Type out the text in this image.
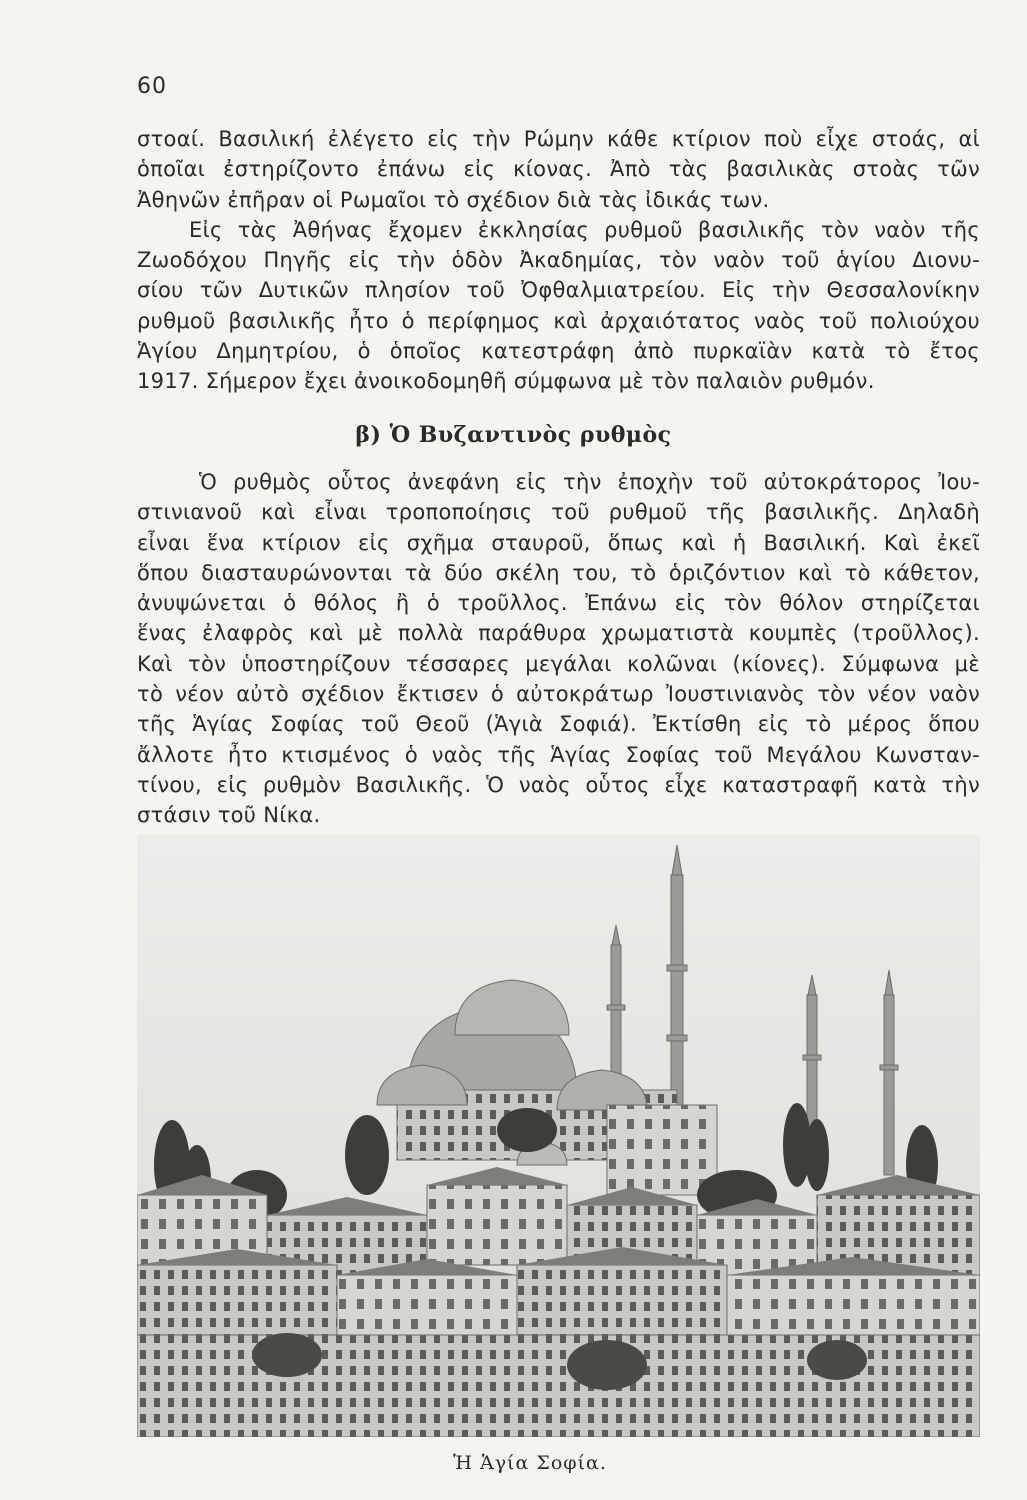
60
στοαί. Βασιλική ἐλέγετο εἰς τὴν Ρώμην κάθε κτίριον ποὺ εἶχε στοάς, αἱ
ὁποῖαι ἐστηρίζοντο ἐπάνω εἰς κίονας. Ἀπὸ τὰς βασιλικὰς στοὰς τῶν
Ἀθηνῶν ἐπῆραν οἱ Ρωμαῖοι τὸ σχέδιον διὰ τὰς ἰδικάς των.
Εἰς τὰς Ἀθήνας ἔχομεν ἐκκλησίας ρυθμοῦ βασιλικῆς τὸν ναὸν τῆς
Ζωοδόχου Πηγῆς εἰς τὴν ὁδὸν Ἀκαδημίας, τὸν ναὸν τοῦ ἁγίου Διονυ-
σίου τῶν Δυτικῶν πλησίον τοῦ Ὀφθαλμιατρείου. Εἰς τὴν Θεσσαλονίκην
ρυθμοῦ βασιλικῆς ἦτο ὁ περίφημος καὶ ἀρχαιότατος ναὸς τοῦ πολιούχου
Ἁγίου Δημητρίου, ὁ ὁποῖος κατεστράφη ἀπὸ πυρκαϊὰν κατὰ τὸ ἔτος
1917. Σήμερον ἔχει ἀνοικοδομηθῆ σύμφωνα μὲ τὸν παλαιὸν ρυθμόν.
β) Ὁ Βυζαντινὸς ρυθμὸς
Ὁ ρυθμὸς οὗτος ἀνεφάνη εἰς τὴν ἐποχὴν τοῦ αὐτοκράτορος Ἰου-
στινιανοῦ καὶ εἶναι τροποποίησις τοῦ ρυθμοῦ τῆς βασιλικῆς. Δηλαδὴ
εἶναι ἕνα κτίριον εἰς σχῆμα σταυροῦ, ὅπως καὶ ἡ Βασιλική. Καὶ ἐκεῖ
ὅπου διασταυρώνονται τὰ δύο σκέλη του, τὸ ὁριζόντιον καὶ τὸ κάθετον,
ἀνυψώνεται ὁ θόλος ἢ ὁ τροῦλλος. Ἐπάνω εἰς τὸν θόλον στηρίζεται
ἕνας ἐλαφρὸς καὶ μὲ πολλὰ παράθυρα χρωματιστὰ κουμπὲς (τροῦλλος).
Καὶ τὸν ὑποστηρίζουν τέσσαρες μεγάλαι κολῶναι (κίονες). Σύμφωνα μὲ
τὸ νέον αὐτὸ σχέδιον ἔκτισεν ὁ αὐτοκράτωρ Ἰουστινιανὸς τὸν νέον ναὸν
τῆς Ἁγίας Σοφίας τοῦ Θεοῦ (Ἁγιὰ Σοφιά). Ἐκτίσθη εἰς τὸ μέρος ὅπου
ἄλλοτε ἦτο κτισμένος ὁ ναὸς τῆς Ἁγίας Σοφίας τοῦ Μεγάλου Κωνσταν-
τίνου, εἰς ρυθμὸν Βασιλικῆς. Ὁ ναὸς οὗτος εἶχε καταστραφῆ κατὰ τὴν
στάσιν τοῦ Νίκα.
Ἡ Ἁγία Σοφία.
